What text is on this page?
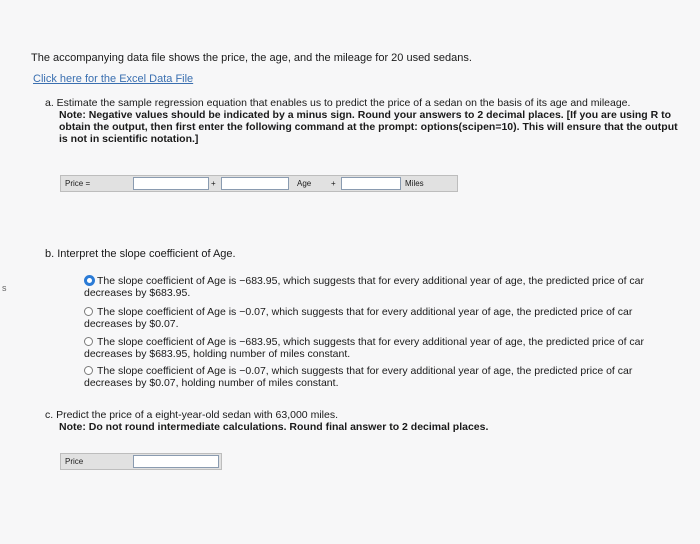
s
The accompanying data file shows the price, the age, and the mileage for 20 used sedans.
Click here for the Excel Data File
a. Estimate the sample regression equation that enables us to predict the price of a sedan on the basis of its age and mileage.
Note: Negative values should be indicated by a minus sign. Round your answers to 2 decimal places. [If you are using R to
obtain the output, then first enter the following command at the prompt: options(scipen=10). This will ensure that the output
is not in scientific notation.]
Price =	+	Age +	Miles
b. Interpret the slope coefficient of Age.
The slope coefficient of Age is −683.95, which suggests that for every additional year of age, the predicted price of car
decreases by $683.95.
The slope coefficient of Age is −0.07, which suggests that for every additional year of age, the predicted price of car
decreases by $0.07.
The slope coefficient of Age is −683.95, which suggests that for every additional year of age, the predicted price of car
decreases by $683.95, holding number of miles constant.
The slope coefficient of Age is −0.07, which suggests that for every additional year of age, the predicted price of car
decreases by $0.07, holding number of miles constant.
c. Predict the price of a eight-year-old sedan with 63,000 miles.
Note: Do not round intermediate calculations. Round final answer to 2 decimal places.
Price
